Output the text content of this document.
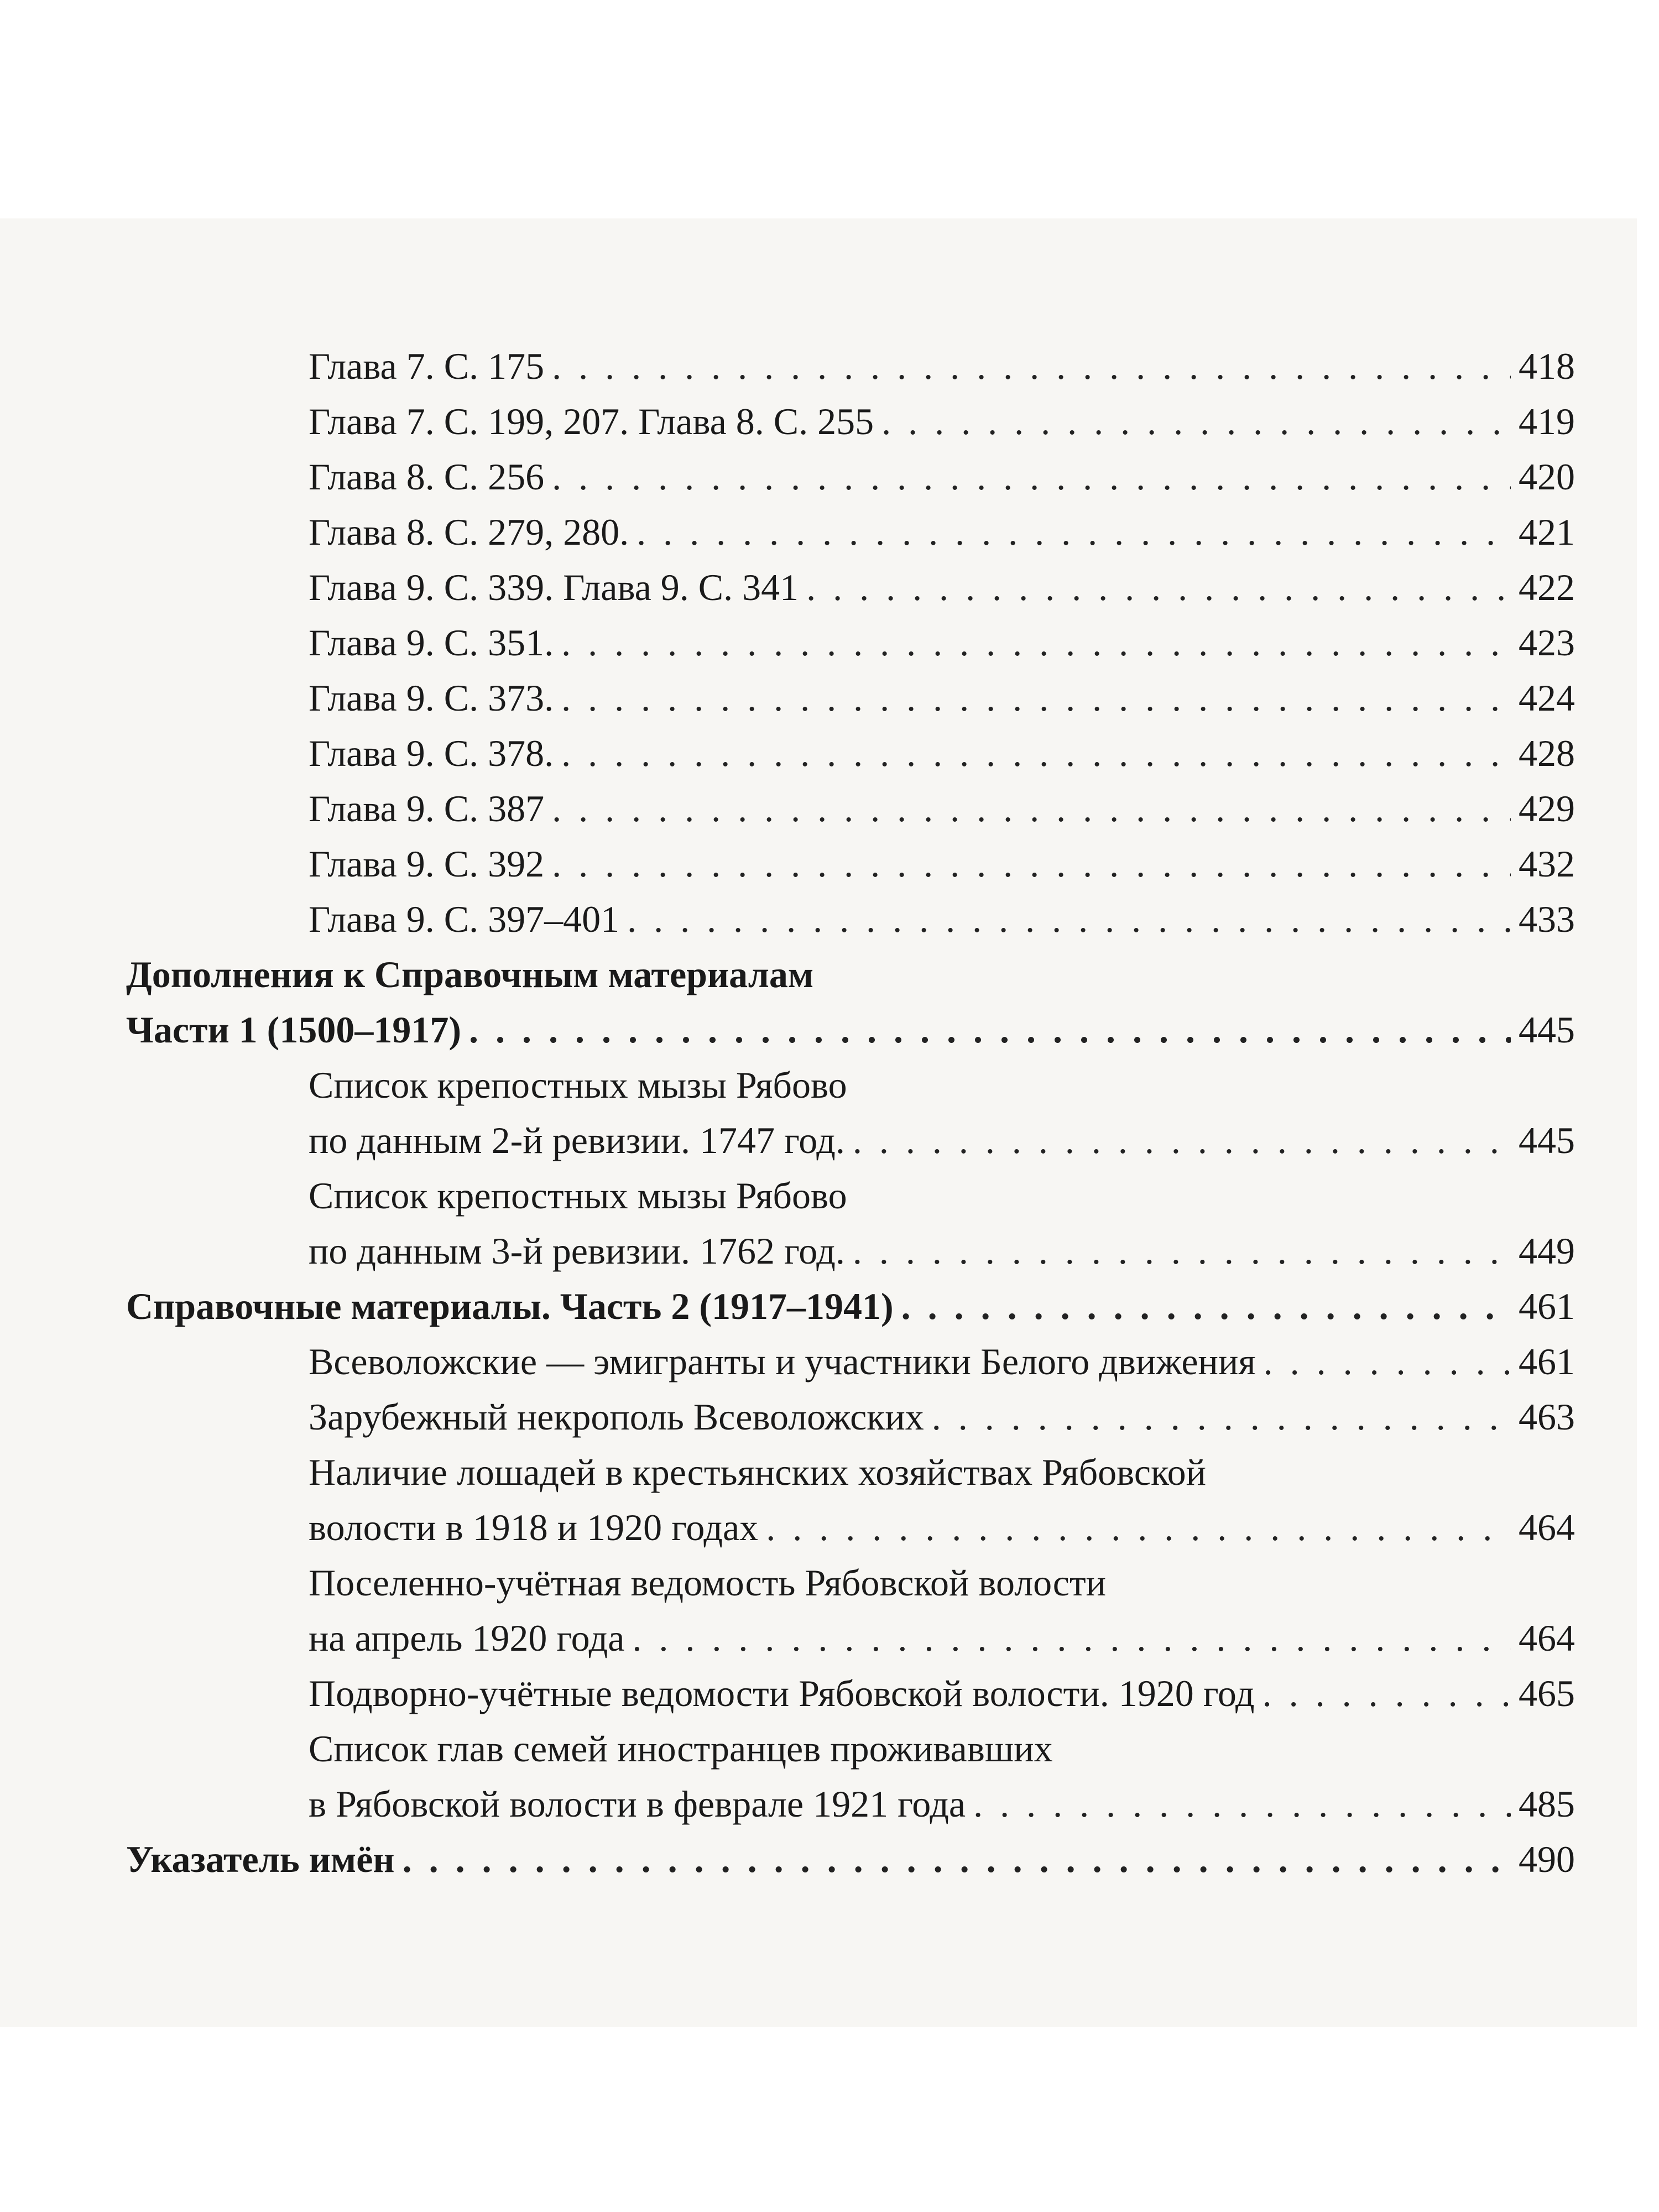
Глава 7. С. 175 . . .	418
Глава 7. С. 199, 207. Глава 8. С. 255 . . .	419
Глава 8. С. 256 . . .	420
Глава 8. С. 279, 280. . . .	421
Глава 9. С. 339. Глава 9. С. 341 . . .	422
Глава 9. С. 351. . . .	423
Глава 9. С. 373. . . .	424
Глава 9. С. 378. . . .	428
Глава 9. С. 387 . . .	429
Глава 9. С. 392 . . .	432
Глава 9. С. 397–401 . . .	433
Дополнения к Справочным материалам
Части 1 (1500–1917) . . .	445
Список крепостных мызы Рябово
по данным 2-й ревизии. 1747 год. . . .	445
Список крепостных мызы Рябово
по данным 3-й ревизии. 1762 год. . . .	449
Справочные материалы. Часть 2 (1917–1941) . . .	461
Всеволожские — эмигранты и участники Белого движения . . .	461
Зарубежный некрополь Всеволожских . . .	463
Наличие лошадей в крестьянских хозяйствах Рябовской
волости в 1918 и 1920 годах . . .	464
Поселенно-учётная ведомость Рябовской волости
на апрель 1920 года . . .	464
Подворно-учётные ведомости Рябовской волости. 1920 год . . .	465
Список глав семей иностранцев проживавших
в Рябовской волости в феврале 1921 года . . .	485
Указатель имён . . .	490
